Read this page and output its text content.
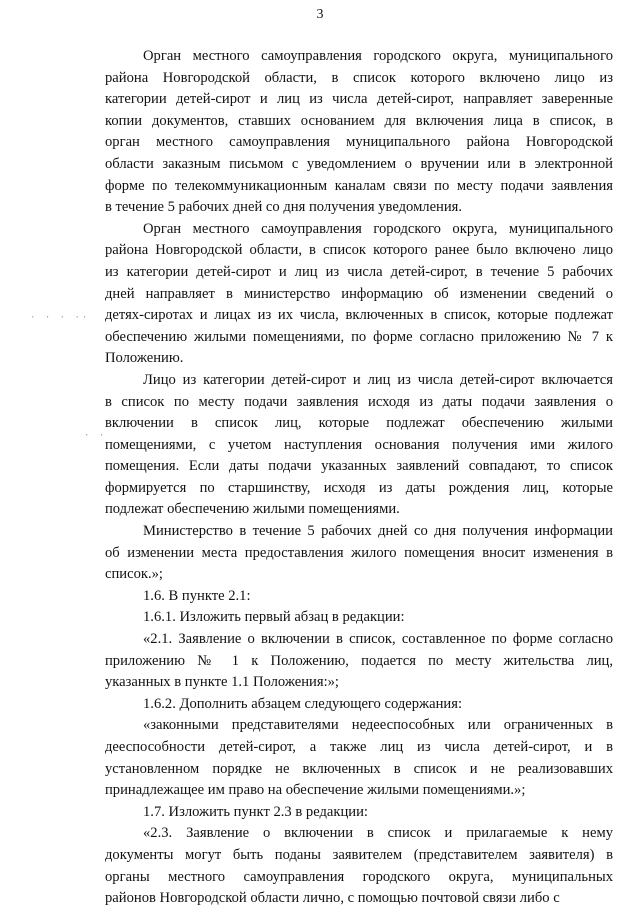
3
· · · ··
· ·
Орган местного самоуправления городского округа, муниципального
района Новгородской области, в список которого включено лицо из
категории детей-сирот и лиц из числа детей-сирот, направляет заверенные
копии документов, ставших основанием для включения лица в список, в
орган местного самоуправления муниципального района Новгородской
области заказным письмом с уведомлением о вручении или в электронной
форме по телекоммуникационным каналам связи по месту подачи заявления
в течение 5 рабочих дней со дня получения уведомления.
Орган местного самоуправления городского округа, муниципального
района Новгородской области, в список которого ранее было включено лицо
из категории детей-сирот и лиц из числа детей-сирот, в течение 5 рабочих
дней направляет в министерство информацию об изменении сведений о
детях-сиротах и лицах из их числа, включенных в список, которые подлежат
обеспечению жилыми помещениями, по форме согласно приложению № 7 к
Положению.
Лицо из категории детей-сирот и лиц из числа детей-сирот включается
в список по месту подачи заявления исходя из даты подачи заявления о
включении в список лиц, которые подлежат обеспечению жилыми
помещениями, с учетом наступления основания получения ими жилого
помещения. Если даты подачи указанных заявлений совпадают, то список
формируется по старшинству, исходя из даты рождения лиц, которые
подлежат обеспечению жилыми помещениями.
Министерство в течение 5 рабочих дней со дня получения информации
об изменении места предоставления жилого помещения вносит изменения в
список.»;
1.6. В пункте 2.1:
1.6.1. Изложить первый абзац в редакции:
«2.1. Заявление о включении в список, составленное по форме согласно
приложению № 1 к Положению, подается по месту жительства лиц,
указанных в пункте 1.1 Положения:»;
1.6.2. Дополнить абзацем следующего содержания:
«законными представителями недееспособных или ограниченных в
дееспособности детей-сирот, а также лиц из числа детей-сирот, и в
установленном порядке не включенных в список и не реализовавших
принадлежащее им право на обеспечение жилыми помещениями.»;
1.7. Изложить пункт 2.3 в редакции:
«2.3. Заявление о включении в список и прилагаемые к нему
документы могут быть поданы заявителем (представителем заявителя) в
органы местного самоуправления городского округа, муниципальных
районов Новгородской области лично, с помощью почтовой связи либо с
